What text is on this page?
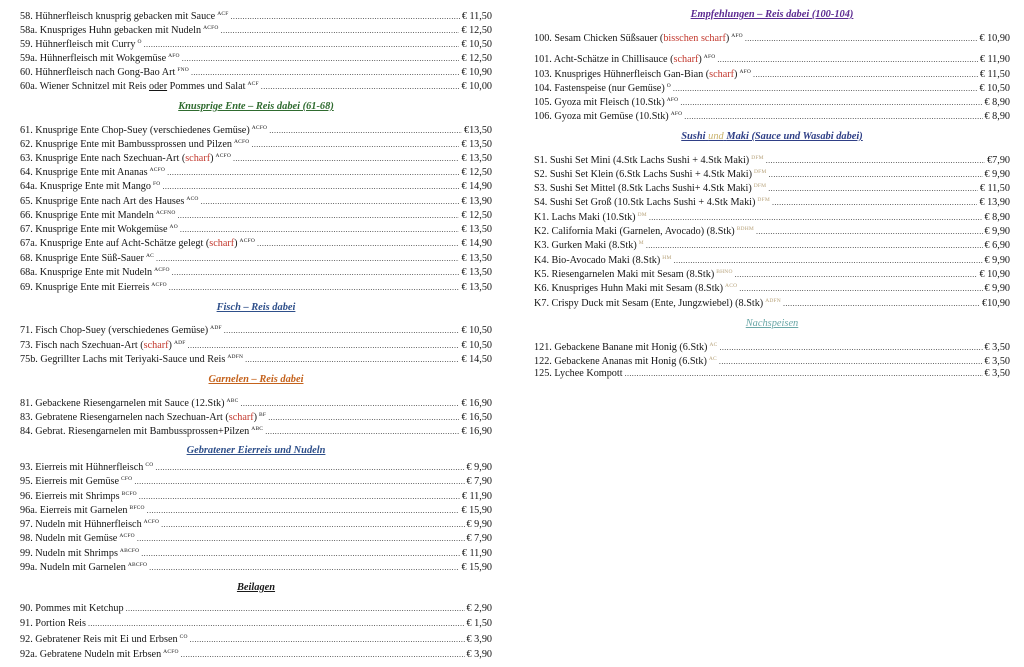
58. Hühnerfleisch knusprig gebacken mit Sauce $^{ACF}$ .....	€ 11,50
58a. Knuspriges Huhn gebacken mit Nudeln $^{ACFO}$ .....	€ 12,50
59. Hühnerfleisch mit Curry $^O$ .....	€ 10,50
59a. Hühnerfleisch mit Wokgemüse $^{AFO}$ .....	€ 12,50
60. Hühnerfleisch nach Gong-Bao Art $^{FNO}$ .....	€ 10,90
60a. Wiener Schnitzel mit Reis oder Pommes und Salat $^{ACF}$ .....	€ 10,00
Knusprige Ente – Reis dabei (61-68)
61. Knusprige Ente Chop-Suey (verschiedenes Gemüse) $^{ACFO}$ .....	€13,50
62. Knusprige Ente mit Bambussprossen und Pilzen $^{ACFO}$ .....	€ 13,50
63. Knusprige Ente nach Szechuan-Art (scharf) $^{ACFO}$ .....	€ 13,50
64. Knusprige Ente mit Ananas $^{ACFO}$ .....	€ 12,50
64a. Knusprige Ente mit Mango $^{FO}$ .....	€ 14,90
65. Knusprige Ente nach Art des Hauses $^{ACO}$ .....	€ 13,90
66. Knusprige Ente mit Mandeln $^{ACFNO}$ .....	€ 12,50
67. Knusprige Ente mit Wokgemüse $^{AO}$ .....	€ 13,50
67a. Knusprige Ente auf Acht-Schätze gelegt (scharf) $^{ACFO}$ .....	€ 14,90
68. Knusprige Ente Süß-Sauer $^{AC}$ .....	€ 13,50
68a. Knusprige Ente mit Nudeln $^{ACFO}$ .....	€ 13,50
69. Knusprige Ente mit Eierreis $^{ACFO}$ .....	€ 13,50
Fisch – Reis dabei
71. Fisch Chop-Suey (verschiedenes Gemüse) $^{ADF}$ .....	€ 10,50
73. Fisch nach Szechuan-Art (scharf) $^{ADF}$ .....	€ 10,50
75b. Gegrillter Lachs mit Teriyaki-Sauce und Reis $^{ADFN}$ .....	€ 14,50
Garnelen – Reis dabei
81. Gebackene Riesengarnelen mit Sauce (12.Stk) $^{ABC}$ .....	€ 16,90
83. Gebratene Riesengarnelen nach Szechuan-Art (scharf) $^{BF}$ .....	€ 16,50
84. Gebrat. Riesengarnelen mit Bambussprossen+Pilzen $^{ABC}$ .....	€ 16,90
Gebratener Eierreis und Nudeln
93. Eierreis mit Hühnerfleisch $^{CO}$ .....	€ 9,90
95. Eierreis mit Gemüse $^{CFO}$ .....	€ 7,90
96. Eierreis mit Shrimps $^{BCFO}$ .....	€ 11,90
96a. Eierreis mit Garnelen $^{BFCO}$ .....	€ 15,90
97. Nudeln mit Hühnerfleisch $^{ACFO}$ .....	€ 9,90
98. Nudeln mit Gemüse $^{ACFO}$ .....	€ 7,90
99. Nudeln mit Shrimps $^{ABCFO}$ .....	€ 11,90
99a. Nudeln mit Garnelen $^{ABCFO}$ .....	€ 15,90
Beilagen
90. Pommes mit Ketchup .....	€ 2,90
91. Portion Reis .....	€ 1,50
92. Gebratener Reis mit Ei und Erbsen $^{CO}$ .....	€ 3,90
92a. Gebratene Nudeln mit Erbsen $^{ACFO}$ .....	€ 3,90
Empfehlungen – Reis dabei (100-104)
100. Sesam Chicken Süßsauer (bisschen scharf) $^{AFO}$ .....	€ 10,90
101. Acht-Schätze in Chillisauce (scharf) $^{AFO}$ .....	€ 11,90
103. Knuspriges Hühnerfleisch Gan-Bian (scharf) $^{AFO}$ .....	€ 11,50
104. Fastenspeise (nur Gemüse) $^O$ .....	€ 10,50
105. Gyoza mit Fleisch (10.Stk) $^{AFO}$ .....	€ 8,90
106. Gyoza mit Gemüse (10.Stk) $^{AFO}$ .....	€ 8,90
Sushi und Maki (Sauce und Wasabi dabei)
S1. Sushi Set Mini (4.Stk Lachs Sushi + 4.Stk Maki) $^{DFM}$ .....	€7,90
S2. Sushi Set Klein (6.Stk Lachs Sushi + 4.Stk Maki) $^{DFM}$ .....	€ 9,90
S3. Sushi Set Mittel (8.Stk Lachs Sushi+ 4.Stk Maki) $^{DFM}$ .....	€ 11,50
S4. Sushi Set Groß (10.Stk Lachs Sushi + 4.Stk Maki) $^{DFM}$ .....	€ 13,90
K1. Lachs Maki (10.Stk) $^{DM}$ .....	€ 8,90
K2. California Maki (Garnelen, Avocado) (8.Stk) $^{BDHM}$ .....	€ 9,90
K3. Gurken Maki (8.Stk) $^M$ .....	€ 6,90
K4. Bio-Avocado Maki (8.Stk) $^{HM}$ .....	€ 9,90
K5. Riesengarnelen Maki mit Sesam (8.Stk) $^{BHNO}$ .....	€ 10,90
K6. Knuspriges Huhn Maki mit Sesam (8.Stk) $^{ACO}$ .....	€ 9,90
K7. Crispy Duck mit Sesam (Ente, Jungzwiebel) (8.Stk) $^{ADFN}$ .....	€10,90
Nachspeisen
121. Gebackene Banane mit Honig (6.Stk) $^{AC}$ .....	€ 3,50
122. Gebackene Ananas mit Honig (6.Stk) $^{AC}$ .....	€ 3,50
125. Lychee Kompott .....	€ 3,50
